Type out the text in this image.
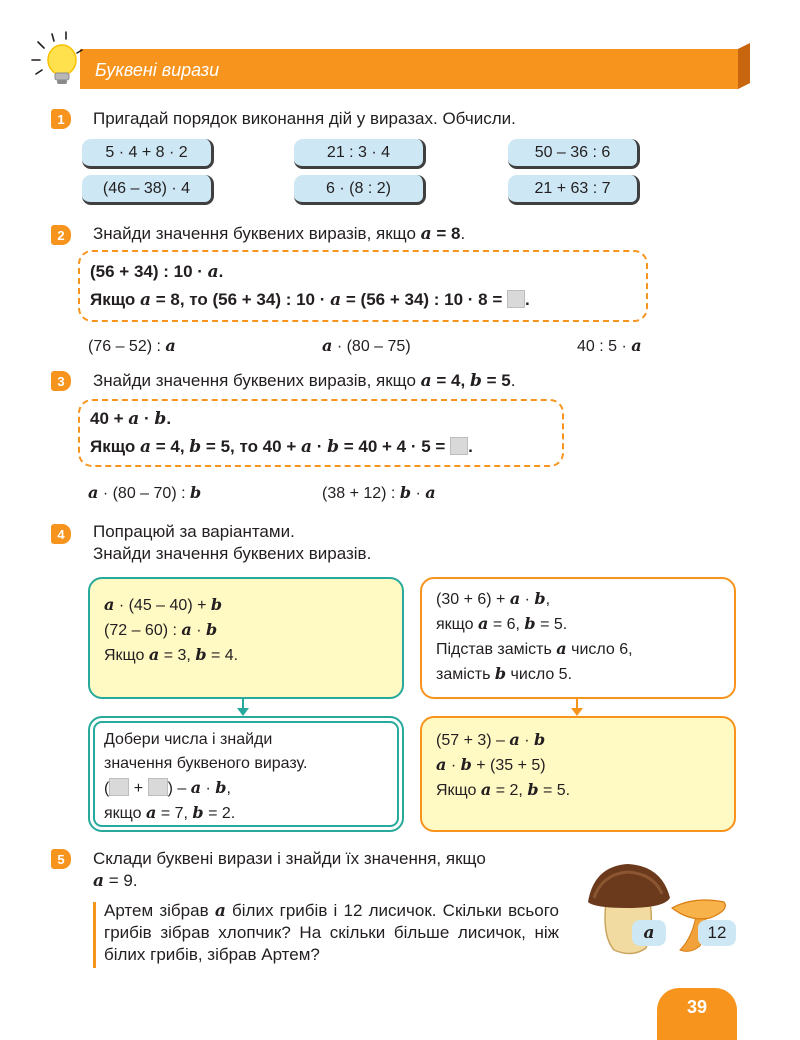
Буквені вирази
1	Пригадай порядок виконання дій у виразах. Обчисли.
5 · 4 + 8 · 2	21 : 3 · 4	50 – 36 : 6
(46 – 38) · 4	6 · (8 : 2)	21 + 63 : 7
2	Знайди значення буквених виразів, якщо a = 8.
(56 + 34) : 10 · a.
Якщо a = 8, то (56 + 34) : 10 · a = (56 + 34) : 10 · 8 = .
(76 – 52) : a	a · (80 – 75)	40 : 5 · a
3	Знайди значення буквених виразів, якщо a = 4, b = 5.
40 + a · b.
Якщо a = 4, b = 5, то 40 + a · b = 40 + 4 · 5 = .
a · (80 – 70) : b	(38 + 12) : b · a
4	Попрацюй за варіантами.
Знайди значення буквених виразів.
a · (45 – 40) + b
(72 – 60) : a · b
Якщо a = 3, b = 4.
(30 + 6) + a · b,
якщо a = 6, b = 5.
Підстав замість a число 6,
замість b число 5.
Добери числа і знайди
значення буквеного виразу.
( + ) – a · b,
якщо a = 7, b = 2.
(57 + 3) – a · b
a · b + (35 + 5)
Якщо a = 2, b = 5.
5	Склади буквені вирази і знайди їх значення, якщо
a = 9.
Артем зібрав a білих грибів і 12 лисичок. Скільки всього грибів зібрав хлопчик? На скільки більше лисичок, ніж білих грибів, зібрав Артем?
a	12
39
